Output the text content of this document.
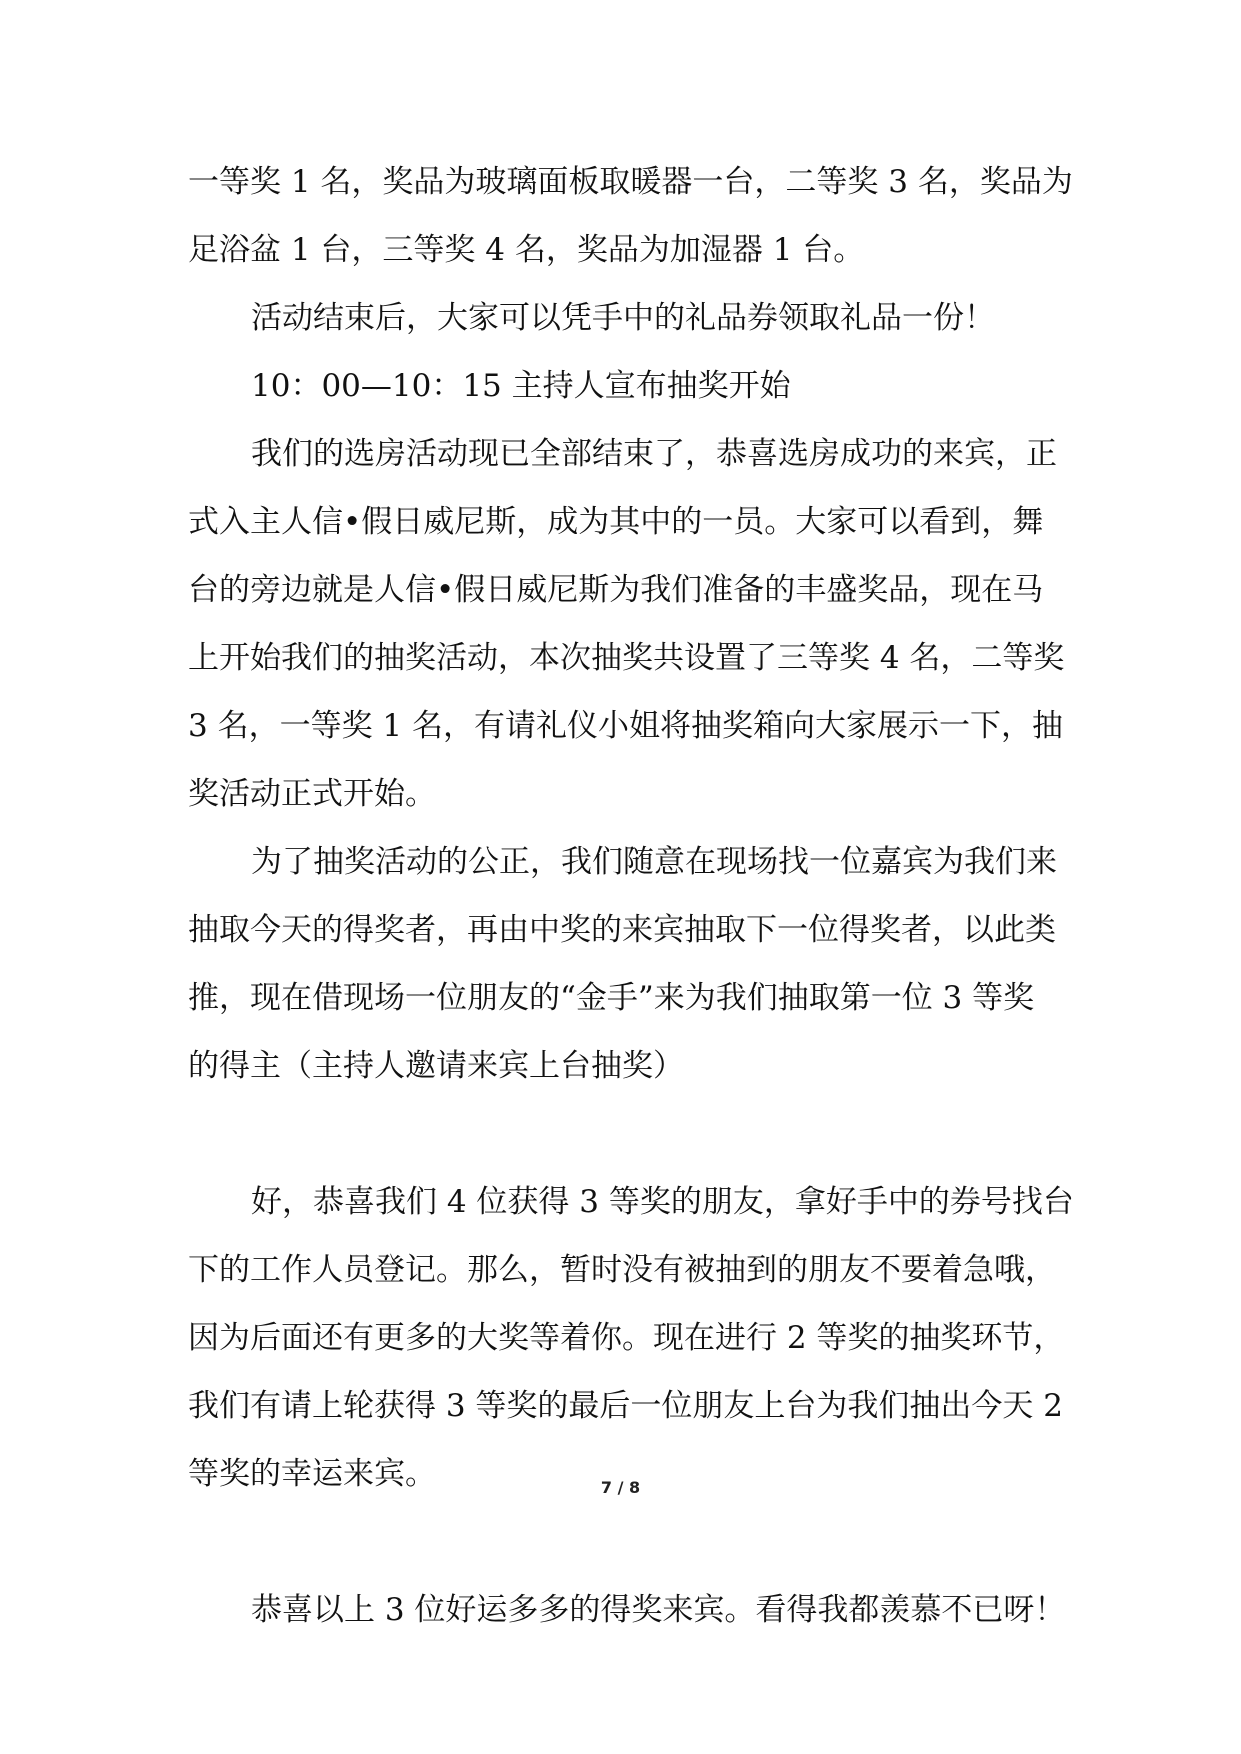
一等奖 1 名，奖品为玻璃面板取暖器一台，二等奖 3 名，奖品为
足浴盆 1 台，三等奖 4 名，奖品为加湿器 1 台。
活动结束后，大家可以凭手中的礼品券领取礼品一份！
10：00—10：15 主持人宣布抽奖开始
我们的选房活动现已全部结束了，恭喜选房成功的来宾，正
式入主人信•假日威尼斯，成为其中的一员。大家可以看到，舞
台的旁边就是人信•假日威尼斯为我们准备的丰盛奖品，现在马
上开始我们的抽奖活动，本次抽奖共设置了三等奖 4 名，二等奖
3 名，一等奖 1 名，有请礼仪小姐将抽奖箱向大家展示一下，抽
奖活动正式开始。
为了抽奖活动的公正，我们随意在现场找一位嘉宾为我们来
抽取今天的得奖者，再由中奖的来宾抽取下一位得奖者，以此类
推，现在借现场一位朋友的“金手”来为我们抽取第一位 3 等奖
的得主（主持人邀请来宾上台抽奖）
好，恭喜我们 4 位获得 3 等奖的朋友，拿好手中的券号找台
下的工作人员登记。那么，暂时没有被抽到的朋友不要着急哦，
因为后面还有更多的大奖等着你。现在进行 2 等奖的抽奖环节，
我们有请上轮获得 3 等奖的最后一位朋友上台为我们抽出今天 2
等奖的幸运来宾。
恭喜以上 3 位好运多多的得奖来宾。看得我都羡慕不已呀！
7 / 8
